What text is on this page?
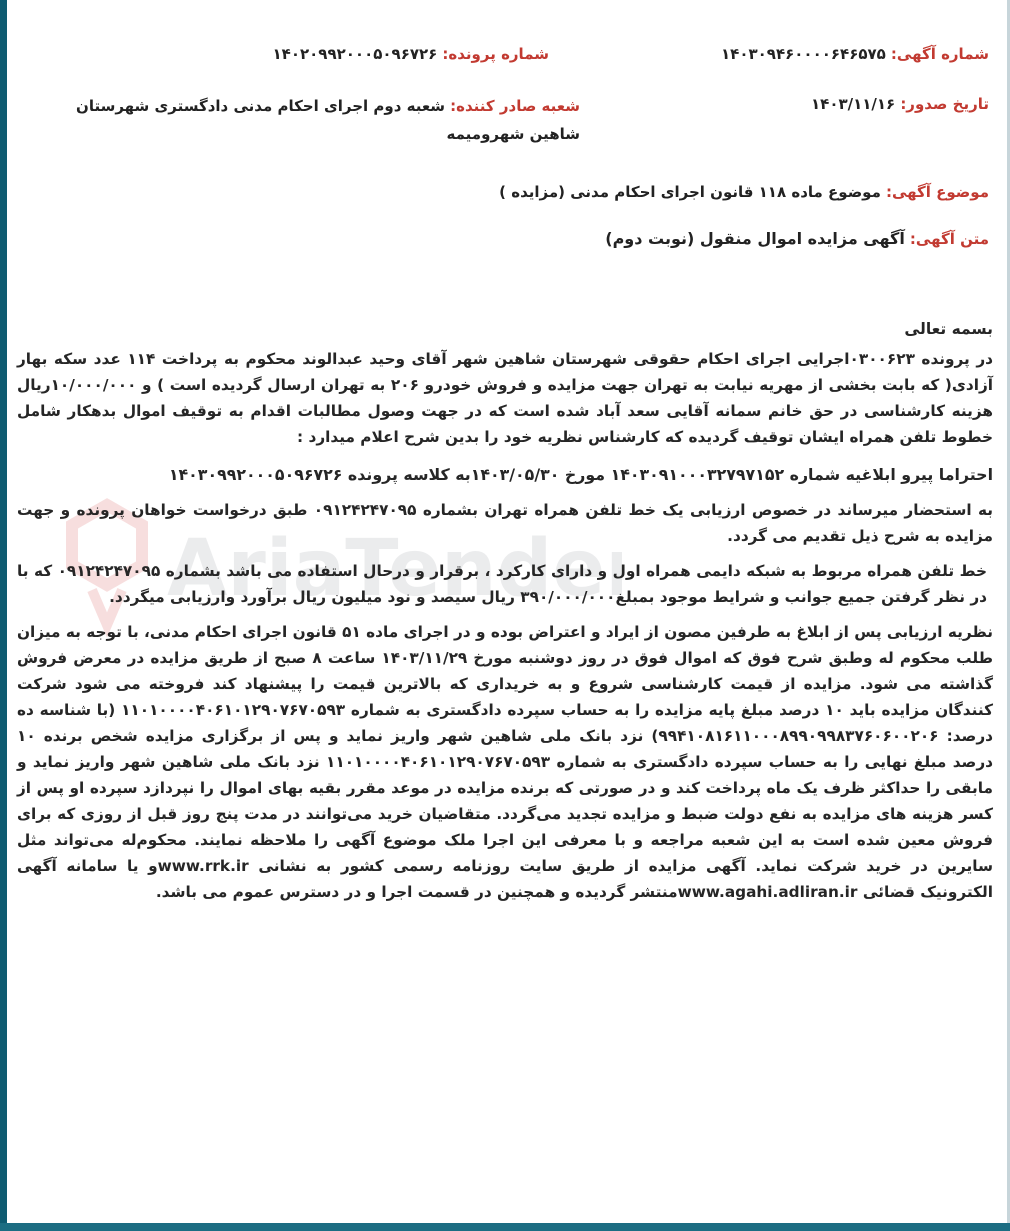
شماره آگهی: ۱۴۰۳۰۹۴۶۰۰۰۰۶۴۶۵۷۵
شماره پرونده: ۱۴۰۲۰۹۹۲۰۰۰۵۰۹۶۷۲۶
تاریخ صدور: ۱۴۰۳/۱۱/۱۶
شعبه صادر کننده: شعبه دوم اجرای احکام مدنی دادگستری شهرستان شاهین شهرومیمه
موضوع آگهی: موضوع ماده ۱۱۸ قانون اجرای احکام مدنی (مزایده )
متن آگهی: آگهی مزایده اموال منقول (نوبت دوم)
AriaTender

بسمه تعالی

در پرونده ۰۳۰۰۶۲۳اجرایی اجرای احکام حقوقی شهرستان شاهین شهر آقای وحید عبدالوند محکوم به پرداخت ۱۱۴ عدد سکه بهار آزادی( که بابت بخشی از مهریه نیابت به تهران جهت مزایده و فروش خودرو ۲۰۶ به تهران ارسال گردیده است ) و ۱۰/۰۰۰/۰۰۰ریال هزینه کارشناسی در حق خانم سمانه آقایی سعد آباد شده است که در جهت وصول مطالبات اقدام به توقیف اموال بدهکار شامل خطوط تلفن همراه ایشان توقیف گردیده که کارشناس نظریه خود را بدین شرح اعلام میدارد :

احتراما پیرو ابلاغیه شماره ۱۴۰۳۰۹۱۰۰۰۳۲۷۹۷۱۵۲ مورخ ۱۴۰۳/۰۵/۳۰به کلاسه پرونده ۱۴۰۳۰۹۹۲۰۰۰۵۰۹۶۷۲۶

به استحضار میرساند در خصوص ارزیابی یک خط تلفن همراه تهران بشماره ۰۹۱۲۴۲۴۷۰۹۵ طبق درخواست خواهان پرونده و جهت مزایده به شرح ذیل تقدیم می گردد.

خط تلفن همراه مربوط به شبکه دایمی همراه اول و دارای کارکرد ، برقرار و درحال استفاده می باشد بشماره ۰۹۱۲۴۲۴۷۰۹۵ که با در نظر گرفتن جمیع جوانب و شرایط موجود بمبلغ۳۹۰/۰۰۰/۰۰۰ ریال سیصد و نود میلیون ریال برآورد وارزیابی میگردد.

نظریه ارزیابی پس از ابلاغ به طرفین مصون از ایراد و اعتراض بوده و در اجرای ماده ۵۱ قانون اجرای احکام مدنی، با توجه به میزان طلب محکوم له وطبق شرح فوق که اموال فوق در روز دوشنبه مورخ ۱۴۰۳/۱۱/۲۹ ساعت ۸ صبح از طریق مزایده در معرض فروش گذاشته می شود. مزایده از قیمت کارشناسی شروع و به خریداری که بالاترین قیمت را پیشنهاد کند فروخته می شود شرکت کنندگان مزایده باید ۱۰ درصد مبلغ پایه مزایده را به حساب سپرده دادگستری به شماره ۱۱۰۱۰۰۰۰۴۰۶۱۰۱۲۹۰۷۶۷۰۵۹۳ (با شناسه ده درصد: ۹۹۴۱۰۸۱۶۱۱۰۰۰۸۹۹۰۹۹۸۳۷۶۰۶۰۰۲۰۶) نزد بانک ملی شاهین شهر واریز نماید و پس از برگزاری مزایده شخص برنده ۱۰ درصد مبلغ نهایی را به حساب سپرده دادگستری به شماره ۱۱۰۱۰۰۰۰۴۰۶۱۰۱۲۹۰۷۶۷۰۵۹۳ نزد بانک ملی شاهین شهر واریز نماید و مابقی را حداکثر ظرف یک ماه پرداخت کند و در صورتی که برنده مزایده در موعد مقرر بقیه بهای اموال را نپردازد سپرده او پس از کسر هزینه های مزایده به نفع دولت ضبط و مزایده تجدید می‌گردد. متقاضیان خرید می‌توانند در مدت پنج روز قبل از روزی که برای فروش معین شده است به این شعبه مراجعه و با معرفی این اجرا ملک موضوع آگهی را ملاحظه نمایند. محکوم‌له می‌تواند مثل سایرین در خرید شرکت نماید. آگهی مزایده از طریق سایت روزنامه رسمی کشور به نشانی www.rrk.irو یا سامانه آگهی الکترونیک قضائی www.agahi.adliran.irمنتشر گردیده و همچنین در قسمت اجرا و در دسترس عموم می باشد.
